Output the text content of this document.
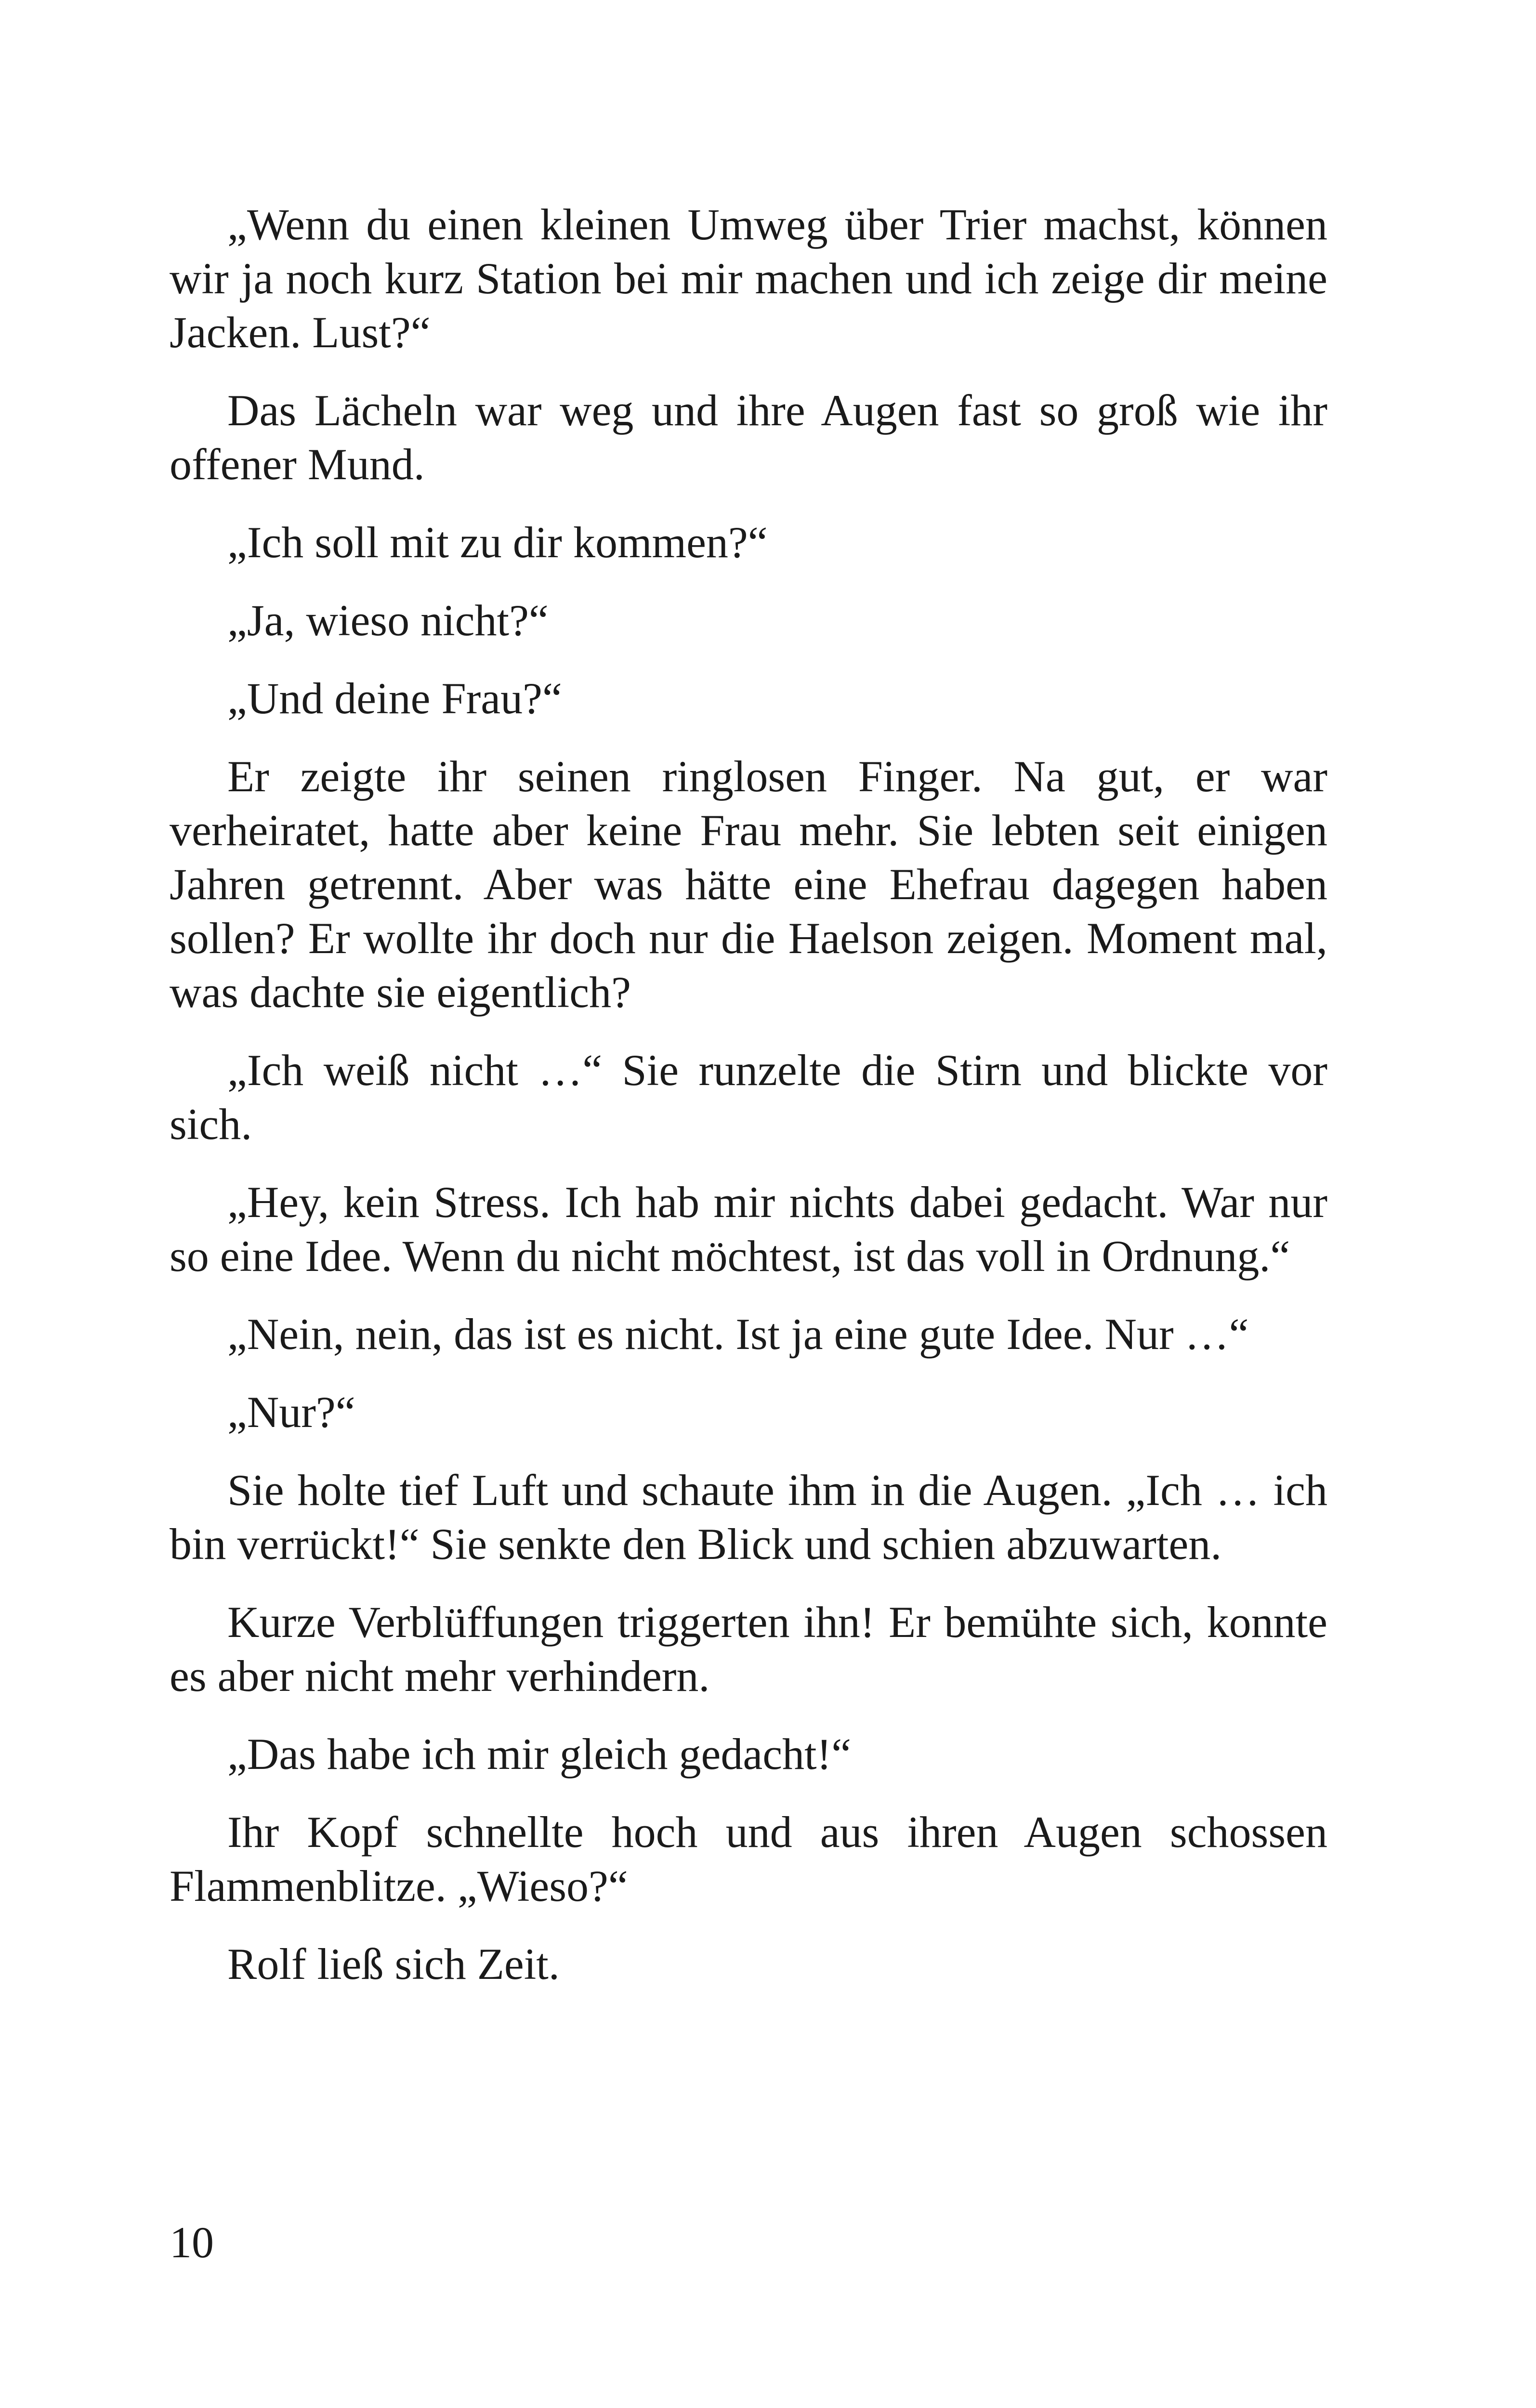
„Wenn du einen kleinen Umweg über Trier machst, können wir ja noch kurz Station bei mir machen und ich zeige dir meine Jacken. Lust?“

Das Lächeln war weg und ihre Augen fast so groß wie ihr offener Mund.

„Ich soll mit zu dir kommen?“

„Ja, wieso nicht?“

„Und deine Frau?“

Er zeigte ihr seinen ringlosen Finger. Na gut, er war verheiratet, hatte aber keine Frau mehr. Sie lebten seit einigen Jahren getrennt. Aber was hätte eine Ehefrau dagegen haben sollen? Er wollte ihr doch nur die Haelson zeigen. Moment mal, was dachte sie eigentlich?

„Ich weiß nicht …“ Sie runzelte die Stirn und blickte vor sich.

„Hey, kein Stress. Ich hab mir nichts dabei gedacht. War nur so eine Idee. Wenn du nicht möchtest, ist das voll in Ordnung.“

„Nein, nein, das ist es nicht. Ist ja eine gute Idee. Nur …“

„Nur?“

Sie holte tief Luft und schaute ihm in die Augen. „Ich … ich bin verrückt!“ Sie senkte den Blick und schien abzuwarten.

Kurze Verblüffungen triggerten ihn! Er bemühte sich, konnte es aber nicht mehr verhindern.

„Das habe ich mir gleich gedacht!“

Ihr Kopf schnellte hoch und aus ihren Augen schossen Flammenblitze. „Wieso?“

Rolf ließ sich Zeit.

10
